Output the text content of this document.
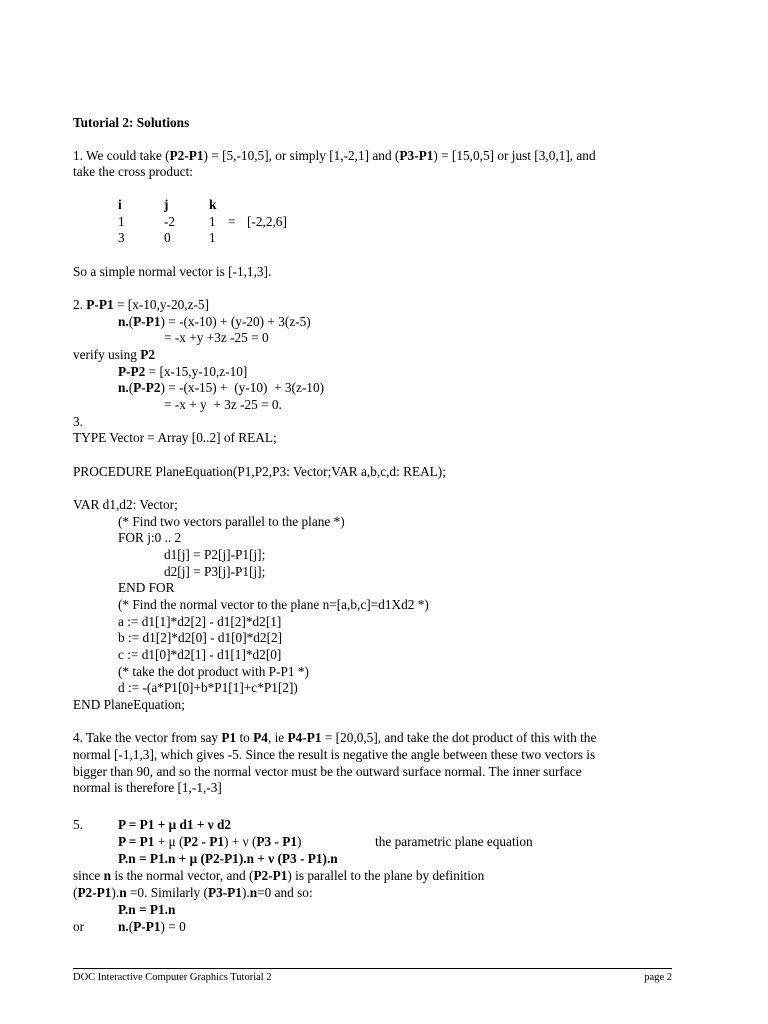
Tutorial 2: Solutions
1. We could take (P2-P1) = [5,-10,5], or simply [1,-2,1] and (P3-P1) = [15,0,5] or just [3,0,1], and
take the cross product:
i	j	k
1	-2	1 = [-2,2,6]
3	0	1
So a simple normal vector is [-1,1,3].
2. P-P1 = [x-10,y-20,z-5]
n.(P-P1) = -(x-10) + (y-20) + 3(z-5)
= -x +y +3z -25 = 0
verify using P2
P-P2 = [x-15,y-10,z-10]
n.(P-P2) = -(x-15) +  (y-10)  + 3(z-10)
= -x + y  + 3z -25 = 0.
3.
TYPE Vector = Array [0..2] of REAL;
PROCEDURE PlaneEquation(P1,P2,P3: Vector;VAR a,b,c,d: REAL);
VAR d1,d2: Vector;
(* Find two vectors parallel to the plane *)
FOR j:0 .. 2
d1[j] = P2[j]-P1[j];
d2[j] = P3[j]-P1[j];
END FOR
(* Find the normal vector to the plane n=[a,b,c]=d1Xd2 *)
a := d1[1]*d2[2] - d1[2]*d2[1]
b := d1[2]*d2[0] - d1[0]*d2[2]
c := d1[0]*d2[1] - d1[1]*d2[0]
(* take the dot product with P-P1 *)
d := -(a*P1[0]+b*P1[1]+c*P1[2])
END PlaneEquation;
4. Take the vector from say P1 to P4, ie P4-P1 = [20,0,5], and take the dot product of this with the
normal [-1,1,3], which gives -5. Since the result is negative the angle between these two vectors is
bigger than 90, and so the normal vector must be the outward surface normal. The inner surface
normal is therefore [1,-1,-3]
5.	P = P1 + μ d1 + ν d2
P = P1 + μ (P2 - P1) + ν (P3 - P1)	the parametric plane equation
P.n = P1.n + μ (P2-P1).n + ν (P3 - P1).n
since n is the normal vector, and (P2-P1) is parallel to the plane by definition
(P2-P1).n =0. Similarly (P3-P1).n=0 and so:
P.n = P1.n
or	n.(P-P1) = 0
DOC Interactive Computer Graphics Tutorial 2	page 2
